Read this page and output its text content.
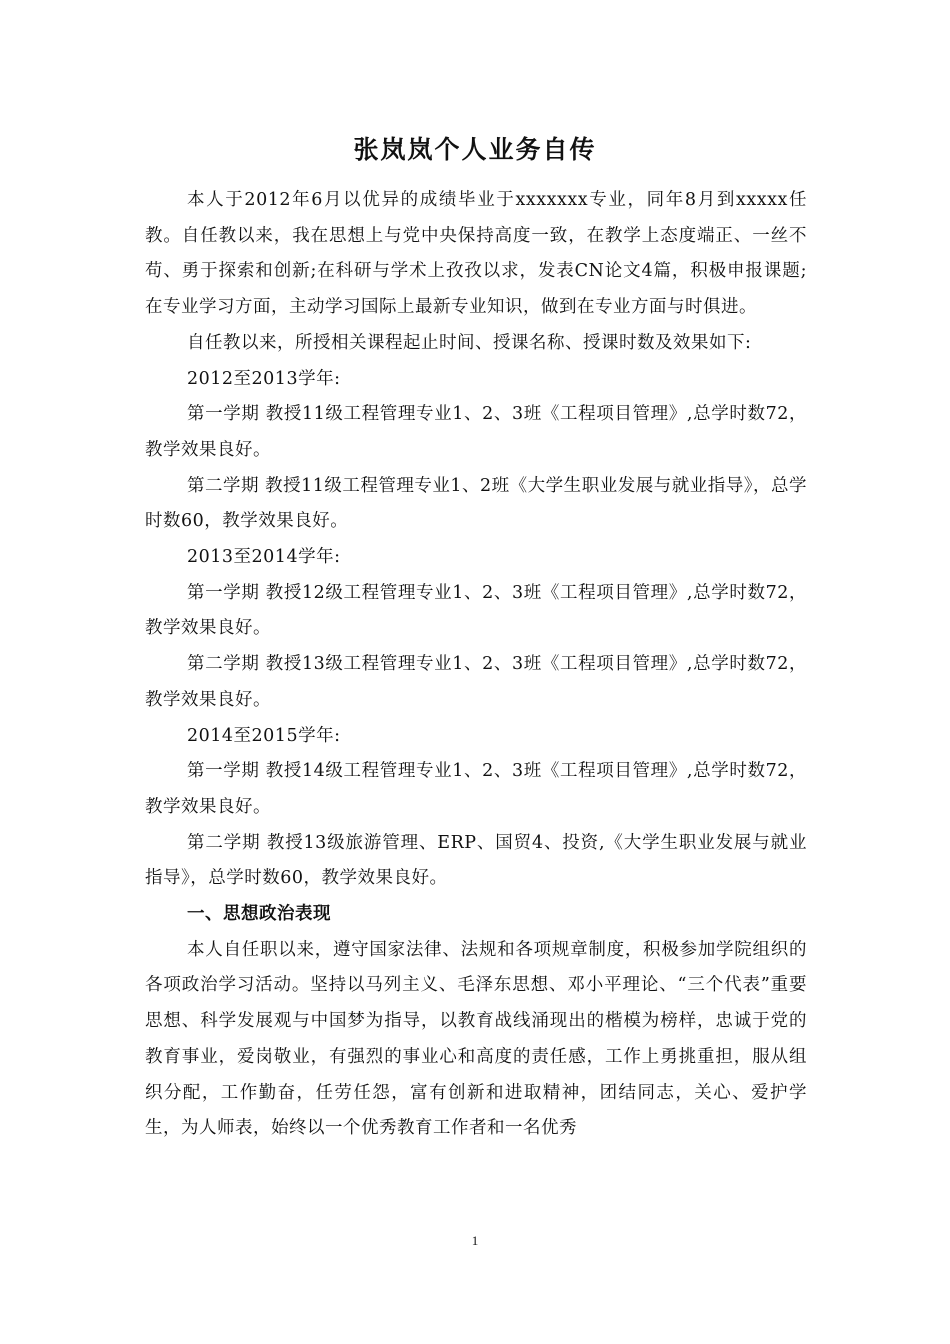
张岚岚个人业务自传

本人于2012年6月以优异的成绩毕业于xxxxxxx专业，同年8月到xxxxx任教。自任教以来，我在思想上与党中央保持高度一致，在教学上态度端正、一丝不苟、勇于探索和创新;在科研与学术上孜孜以求，发表CN论文4篇，积极申报课题;在专业学习方面，主动学习国际上最新专业知识，做到在专业方面与时俱进。

自任教以来，所授相关课程起止时间、授课名称、授课时数及效果如下:

2012至2013学年:

第一学期 教授11级工程管理专业1、2、3班《工程项目管理》,总学时数72，教学效果良好。

第二学期 教授11级工程管理专业1、2班《大学生职业发展与就业指导》，总学时数60，教学效果良好。

2013至2014学年:

第一学期 教授12级工程管理专业1、2、3班《工程项目管理》,总学时数72，教学效果良好。

第二学期 教授13级工程管理专业1、2、3班《工程项目管理》,总学时数72，教学效果良好。

2014至2015学年:

第一学期 教授14级工程管理专业1、2、3班《工程项目管理》,总学时数72，教学效果良好。

第二学期 教授13级旅游管理、ERP、国贸4、投资,《大学生职业发展与就业指导》，总学时数60，教学效果良好。

一、思想政治表现

本人自任职以来，遵守国家法律、法规和各项规章制度，积极参加学院组织的各项政治学习活动。坚持以马列主义、毛泽东思想、邓小平理论、“三个代表”重要思想、科学发展观与中国梦为指导，以教育战线涌现出的楷模为榜样，忠诚于党的教育事业，爱岗敬业，有强烈的事业心和高度的责任感，工作上勇挑重担，服从组织分配，工作勤奋，任劳任怨，富有创新和进取精神，团结同志，关心、爱护学生，为人师表，始终以一个优秀教育工作者和一名优秀

1
